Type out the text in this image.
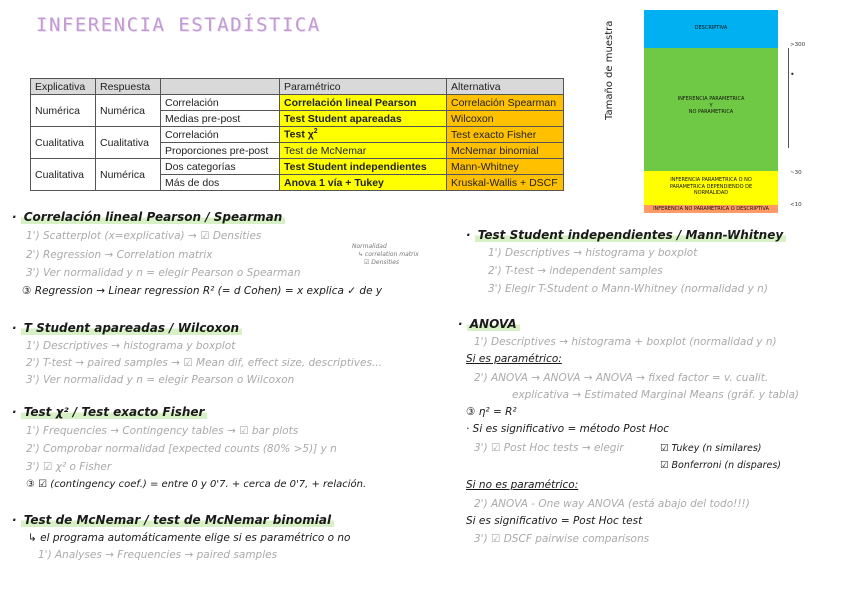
INFERENCIA ESTADÍSTICA
Explicativa	Respuesta		Paramétrico	Alternativa
Numérica	Numérica	Correlación	Correlación lineal Pearson	Correlación Spearman
		Medias pre-post	Test Student apareadas	Wilcoxon
Cualitativa	Cualitativa	Correlación	Test $\chi^2$	Test exacto Fisher
		Proporciones pre-post	Test de McNemar	McNemar binomial
Cualitativa	Numérica	Dos categorías	Test Student independientes	Mann-Whitney
		Más de dos	Anova 1 vía + Tukey	Kruskal-Wallis + DSCF
Tamaño de muestra	DESCRIPTIVA
INFERENCIA PARAMETRICA
Y
NO PARAMETRICA
INFERENCIA PARAMETRICA O NO
PARAMETRICA DEPENDIENDO DE
NORMALIDAD
INFERENCIA NO PARAMETRICA O DESCRIPTIVA
>300
•
~30
<10
· Correlación lineal Pearson / Spearman
1') Scatterplot (x=explicativa) → ☑ Densities
2') Regression → Correlation matrix
3') Ver normalidad y n = elegir Pearson o Spearman
③ Regression → Linear regression R² (= d Cohen) = x explica ✓ de y
Normalidad
↳ correlation matrix
☑ Densities
· T Student apareadas / Wilcoxon
1') Descriptives → histograma y boxplot
2') T-test → paired samples → ☑ Mean dif, effect size, descriptives...
3') Ver normalidad y n = elegir Pearson o Wilcoxon
· Test χ² / Test exacto Fisher
1') Frequencies → Contingency tables → ☑ bar plots
2') Comprobar normalidad [expected counts (80% >5)] y n
3') ☑ χ² o Fisher
③ ☑ (contingency coef.) = entre 0 y 0'7. + cerca de 0'7, + relación.
· Test de McNemar / test de McNemar binomial
↳ el programa automáticamente elige si es paramétrico o no
1') Analyses → Frequencies → paired samples
· Test Student independientes / Mann-Whitney
1') Descriptives → histograma y boxplot
2') T-test → independent samples
3') Elegir T-Student o Mann-Whitney (normalidad y n)
· ANOVA
1') Descriptives → histograma + boxplot (normalidad y n)
Si es paramétrico:
2') ANOVA → ANOVA → ANOVA → fixed factor = v. cualit.
explicativa → Estimated Marginal Means (gráf. y tabla)
③ η² = R²
· Si es significativo = método Post Hoc
3') ☑ Post Hoc tests → elegir	☑ Tukey (n similares)
☑ Bonferroni (n dispares)
Si no es paramétrico:
2') ANOVA - One way ANOVA (está abajo del todo!!!)
Si es significativo = Post Hoc test
3') ☑ DSCF pairwise comparisons
